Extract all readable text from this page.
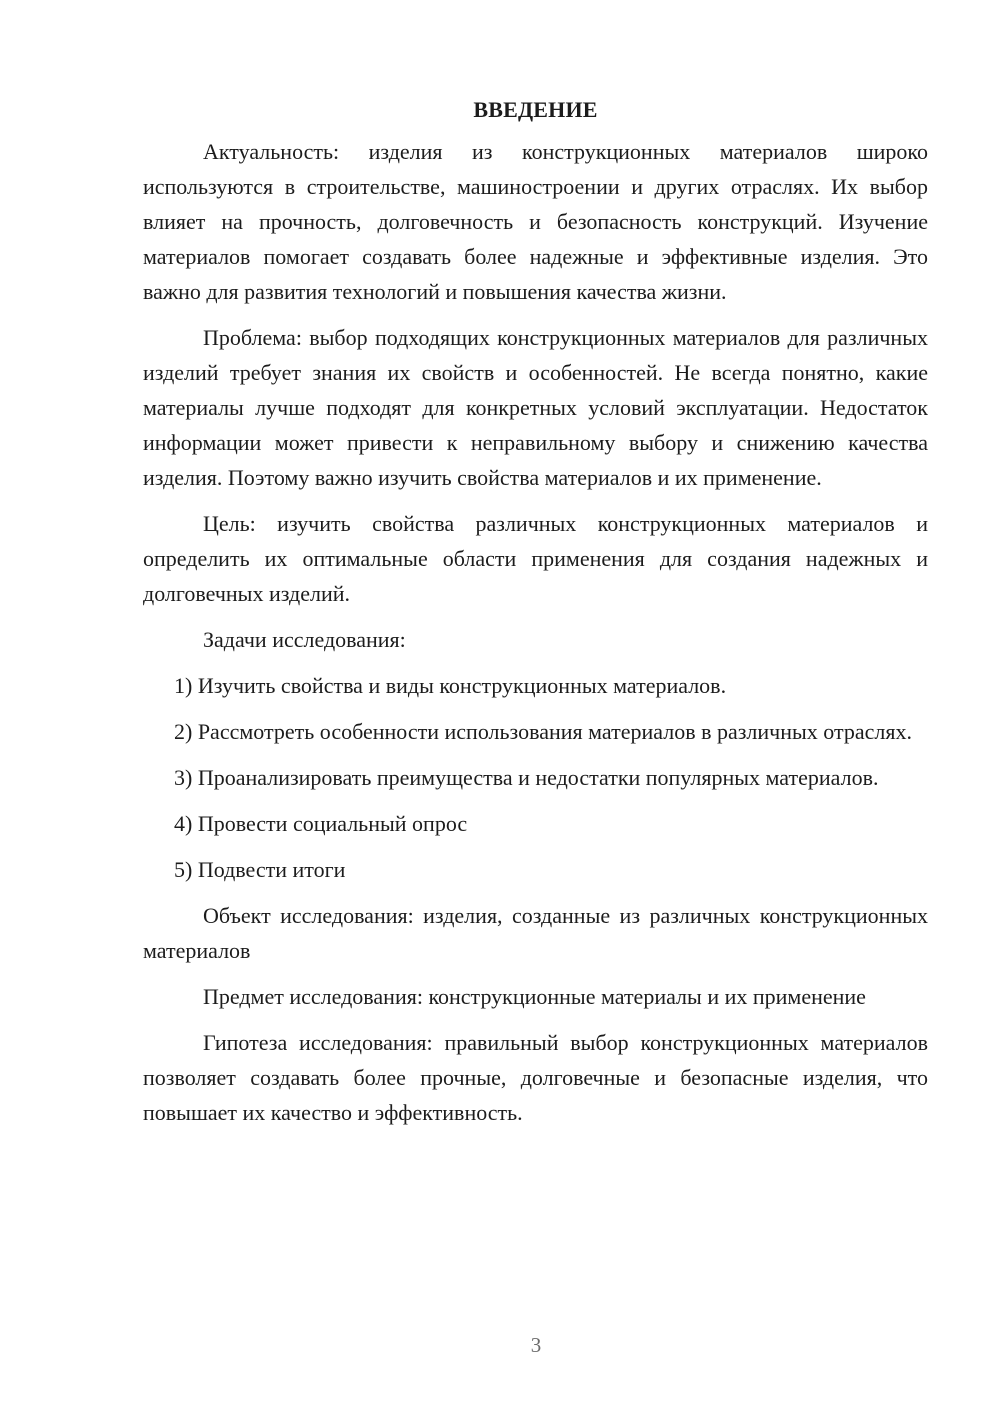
ВВЕДЕНИЕ

Актуальность: изделия из конструкционных материалов широко используются в строительстве, машиностроении и других отраслях. Их выбор влияет на прочность, долговечность и безопасность конструкций. Изучение материалов помогает создавать более надежные и эффективные изделия. Это важно для развития технологий и повышения качества жизни.

Проблема: выбор подходящих конструкционных материалов для различных изделий требует знания их свойств и особенностей. Не всегда понятно, какие материалы лучше подходят для конкретных условий эксплуатации. Недостаток информации может привести к неправильному выбору и снижению качества изделия. Поэтому важно изучить свойства материалов и их применение.

Цель: изучить свойства различных конструкционных материалов и определить их оптимальные области применения для создания надежных и долговечных изделий.

Задачи исследования:

1) Изучить свойства и виды конструкционных материалов.

2) Рассмотреть особенности использования материалов в различных отраслях.

3) Проанализировать преимущества и недостатки популярных материалов.

4) Провести социальный опрос

5) Подвести итоги

Объект исследования: изделия, созданные из различных конструкционных материалов

Предмет исследования: конструкционные материалы и их применение

Гипотеза исследования: правильный выбор конструкционных материалов позволяет создавать более прочные, долговечные и безопасные изделия, что повышает их качество и эффективность.

3
